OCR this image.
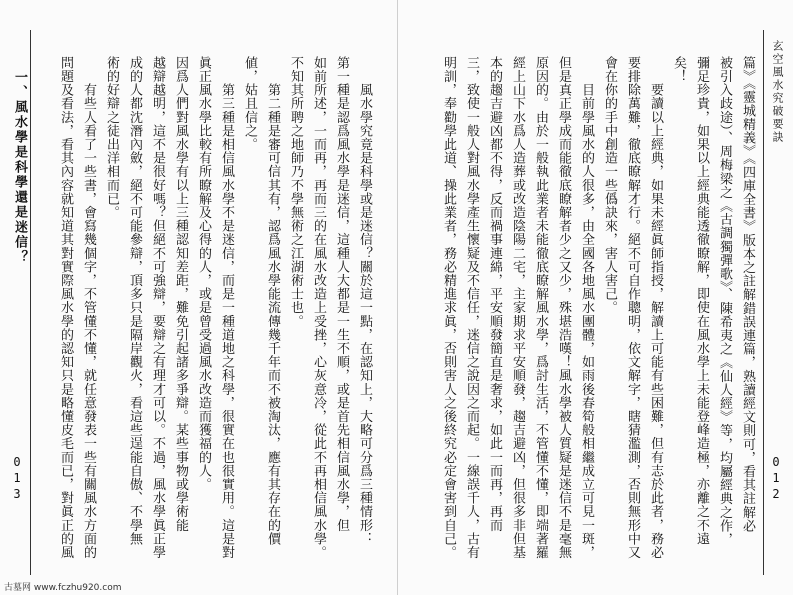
玄空風水究破要訣
012

篇》《靈城精義》《四庫全書》版本之註解錯誤連篇，熟讀經文則可，看其註解必

被引入歧途）、周梅梁之《古調獨彈歌》、陳希夷之《仙人經》等，均屬經典之作，

彌足珍貴，如果以上經典能透徹瞭解，即使在風水學上未能登峰造極，亦離之不遠

矣！

　　要讀以上經典，如果未經眞師指授，解讀上可能有些困難，但有志於此者，務必

要排除萬難，徹底瞭解才行。絕不可自作聰明，依文解字，瞎猜濫測，否則無形中又

會在你的手中創造一些僞訣來，害人害己。

　　目前學風水的人很多，由全國各地風水團體，如雨後春筍般相繼成立可見一斑，

但是真正學成而能徹底瞭解者少之又少，殊堪浩嘆！風水學被人質疑是迷信不是毫無

原因的。由於一般執此業者未能徹底瞭解風水學，爲討生活，不管懂不懂，即端著羅

經上山下水爲人造葬或改造陰陽二宅，主家期求平安順發，趨吉避凶，但很多非但基

本的趨吉避凶都不得，反而禍事連綿，平安順發簡直是奢求，如此一而再，再而

三，致使一般人對風水學產生懷疑及不信任，迷信之說因之而起。一線誤千人，古有

明訓，奉勸學此道、操此業者，務必精進求眞，否則害人之後終究必定會害到自己。

一、風水學是科學還是迷信？
013	　　風水學究竟是科學或是迷信？關於這一點，在認知上，大略可分爲三種情形：

第一種是認爲風水學是迷信，這種人大都是一生不順，或是首先相信風水學，但

如前所述，一而再，再而三的在風水改造上受挫，心灰意冷，從此不再相信風水學。

不知其所聘之地師乃不學無術之江湖術士也。

　　第二種是審可信其有，認爲風水學能流傳幾千年而不被淘汰，應有其存在的價

値，姑且信之。

　　第三種是相信風水學不是迷信，而是一種道地之科學，很實在也很實用。這是對

眞正風水學比較有所瞭解及心得的人，或是曾受過風水改造而獲福的人。

因爲人們對風水學有以上三種認知差距，難免引起諸多爭辯。某些事物或學術能

越辯越明，這不是很好嗎？但絕不可強辯，要辯之有理才可以。不過，風水學眞正學

成的人都沈潛內斂，絕不可能參辯，頂多只是隔岸觀火，看這些逞能自傲、不學無

術的好辯之徒出洋相而已。

　　有些人看了一些書，會寫幾個字，不管懂不懂，就任意發表一些有關風水方面的

問題及看法，看其內容就知道其對實際風水學的認知只是略懂皮毛而已，對眞正的風

古墓网 www.fczhu920.com
